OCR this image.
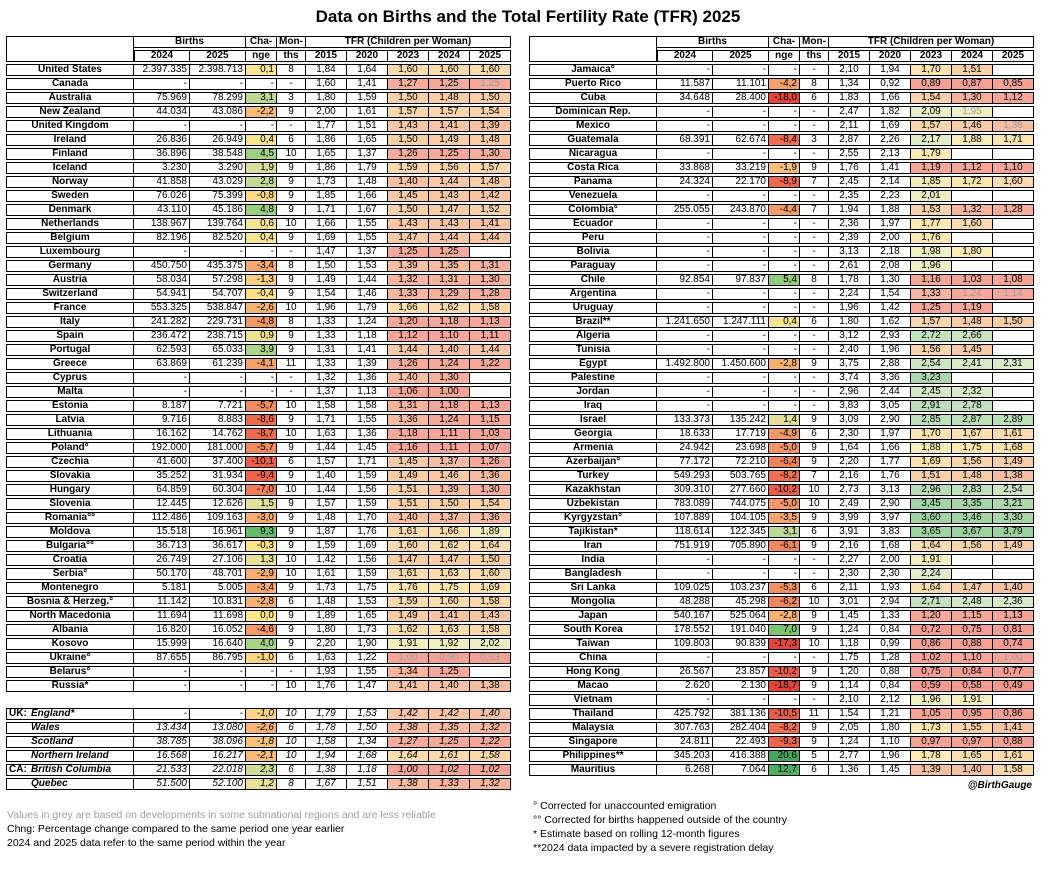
Data on Births and the Total Fertility Rate (TFR) 2025
	Births		Cha-	Mon-	TFR (Children per Woman)				
	2024	2025	nge	ths	2015	2020	2023	2024	2025
United States	2.397.335	2.398.713	0,1	8	1,84	1,64	1,60	1,60	1,60
Canada	-	-	-	-	1,60	1,41	1,27	1,25	1,25
Australia	75.969	78.299	3,1	3	1,80	1,59	1,50	1,48	1,50
New Zealand	44.034	43.086	-2,2	9	2,00	1,61	1,57	1,57	1,54
United Kingdom	-	-	-	-	1,77	1,51	1,43	1,41	1,39
Ireland	26.836	26.949	0,4	6	1,86	1,65	1,50	1,49	1,48
Finland	36.896	38.548	4,5	10	1,65	1,37	1,26	1,25	1,30
Iceland	3.230	3.290	1,9	9	1,86	1,79	1,59	1,56	1,57
Norway	41.858	43.029	2,8	9	1,73	1,48	1,40	1,44	1,48
Sweden	76.026	75.399	-0,8	9	1,85	1,66	1,45	1,43	1,42
Denmark	43.110	45.186	4,8	9	1,71	1,67	1,50	1,47	1,52
Netherlands	138.967	139.764	0,6	10	1,66	1,55	1,43	1,43	1,41
Belgium	82.196	82.520	0,4	9	1,69	1,55	1,47	1,44	1,44
Luxembourg	-	-	-	-	1,47	1,37	1,25	1,25	
Germany	450.750	435.375	-3,4	8	1,50	1,53	1,39	1,35	1,31
Austria	58.034	57.298	-1,3	9	1,49	1,44	1,32	1,31	1,30
Switzerland	54.941	54.707	-0,4	9	1,54	1,46	1,33	1,29	1,28
France	553.325	538.847	-2,6	10	1,96	1,79	1,66	1,62	1,58
Italy	241.282	229.731	-4,8	8	1,33	1,24	1,20	1,18	1,13
Spain	236.472	238.715	0,9	9	1,33	1,18	1,12	1,10	1,11
Portugal	62.593	65.033	3,9	9	1,31	1,41	1,44	1,40	1,44
Greece	63.869	61.239	-4,1	11	1,33	1,39	1,26	1,24	1,22
Cyprus	-	-	-	-	1,32	1,36	1,40	1,30	
Malta	-	-	-	-	1,37	1,13	1,06	1,00	
Estonia	8.187	7.721	-5,7	10	1,58	1,58	1,31	1,18	1,13
Latvia	9.716	8.883	-8,6	9	1,71	1,55	1,36	1,24	1,15
Lithuania	16.162	14.762	-8,7	10	1,63	1,36	1,18	1,11	1,03
Poland°	192.000	181.000	-5,7	9	1,44	1,45	1,16	1,11	1,07
Czechia	41.600	37.400	-10,1	6	1,57	1,71	1,45	1,37	1,26
Slovakia	35.252	31.934	-9,4	9	1,40	1,59	1,49	1,46	1,36
Hungary	64.859	60.304	-7,0	10	1,44	1,56	1,51	1,39	1,30
Slovenia	12.445	12.626	1,5	9	1,57	1,59	1,51	1,50	1,54
Romania°°	112.486	109.163	-3,0	9	1,48	1,70	1,40	1,37	1,36
Moldova	15.518	16.961	9,3	9	1,87	1,76	1,61	1,66	1,89
Bulgaria°°	36.713	36.617	-0,3	9	1,59	1,69	1,60	1,62	1,64
Croatia	26.749	27.106	1,3	10	1,42	1,56	1,47	1,47	1,50
Serbia°	50.170	48.701	-2,9	10	1,61	1,59	1,61	1,63	1,60
Montenegro	5.181	5.005	-3,4	9	1,73	1,75	1,76	1,75	1,69
Bosnia & Herzeg.°	11.142	10.831	-2,8	6	1,48	1,53	1,59	1,60	1,58
North Macedonia	11.694	11.698	0,0	9	1,89	1,65	1,49	1,41	1,43
Albania	16.820	16.052	-4,6	9	1,80	1,73	1,62	1,63	1,58
Kosovo	15.999	16.640	4,0	9	2,20	1,90	1,91	1,92	2,02
Ukraine°	87.655	86.795	-1,0	6	1,63	1,22	1,00	0,90	0,93
Belarus°	-	-	-	-	1,93	1,55	1,34	1,25	
Russia*	-	-	-	10	1,76	1,47	1,41	1,40	1,38

UK: England*	-	-	-1,0	10	1,79	1,53	1,42	1,42	1,40
Wales	13.434	13.080	-2,6	6	1,78	1,50	1,38	1,35	1,32
Scotland	38.785	38.096	-1,8	10	1,58	1,34	1,27	1,25	1,22
Northern Ireland	16.568	16.217	-2,1	10	1,94	1,68	1,64	1,61	1,58
CA: British Columbia	21.533	22.018	2,3	6	1,38	1,18	1,00	1,02	1,02
Quebec	51.500	52.100	1,2	8	1,67	1,51	1,38	1,33	1,32
Values in grey are based on developments in some subnational regions and are less reliable
Chng: Percentage change compared to the same period one year earlier
2024 and 2025 data refer to the same period within the year
	Births		Cha-	Mon-	TFR (Children per Woman)				
	2024	2025	nge	ths	2015	2020	2023	2024	2025
Jamaica°	-	-	-	-	2,10	1,94	1,70	1,51	
Puerto Rico	11.587	11.101	-4,2	8	1,34	0,92	0,89	0,87	0,85
Cuba	34.648	28.400	-18,0	6	1,83	1,66	1,54	1,30	1,12
Dominican Rep.	-	-	-	-	2,47	1,82	2,09	1,95	
Mexico	-	-	-	-	2,11	1,69	1,57	1,46	1,38
Guatemala	68.391	62.674	-8,4	3	2,87	2,26	2,17	1,88	1,71
Nicaragua	-	-	-	-	2,55	2,13	1,79		
Costa Rica	33.868	33.219	-1,9	9	1,76	1,41	1,19	1,12	1,10
Panama	24.324	22.170	-8,9	7	2,45	2,14	1,85	1,72	1,60
Venezuela	-	-	-	-	2,35	2,23	2,01		
Colombia°	255.055	243.870	-4,4	7	1,94	1,88	1,53	1,32	1,28
Ecuador	-	-	-	-	2,36	1,97	1,77	1,60	
Peru	-	-	-	-	2,39	2,00	1,76		
Bolivia	-	-	-	-	3,13	2,18	1,98	1,80	
Paraguay	-	-	-	-	2,61	2,08	1,96		
Chile	92.854	97.837	5,4	8	1,78	1,30	1,16	1,03	1,08
Argentina	-	-	-	-	2,24	1,54	1,33	1,24	1,14
Uruguay	-	-	-	-	1,96	1,42	1,25	1,19	
Brazil**	1.241.650	1.247.111	0,4	6	1,80	1,62	1,57	1,48	1,50
Algeria	-	-	-	-	3,12	2,93	2,72	2,66	
Tunisia	-	-	-	-	2,40	1,96	1,56	1,45	
Egypt	1.492.800	1.450.600	-2,8	9	3,75	2,88	2,54	2,41	2,31
Palestine	-	-	-	-	3,74	3,36	3,23		
Jordan	-	-	-	-	2,96	2,44	2,45	2,32	
Iraq	-	-	-	-	3,83	3,05	2,91	2,78	
Israel	133.373	135.242	1,4	9	3,09	2,90	2,85	2,87	2,89
Georgia	18.633	17.719	-4,9	6	2,30	1,97	1,70	1,67	1,61
Armenia	24.942	23.698	-5,0	9	1,64	1,66	1,88	1,75	1,68
Azerbaijan°	77.172	72.210	-6,4	9	2,20	1,77	1,69	1,56	1,49
Turkey	549.293	503.765	-8,2	7	2,16	1,76	1,51	1,48	1,38
Kazakhstan	309.310	277.660	-10,2	10	2,73	3,13	2,96	2,83	2,54
Uzbekistan	783.089	744.075	-5,0	10	2,49	2,90	3,45	3,35	3,21
Kyrgyzstan°	107.889	104.105	-3,5	9	3,99	3,97	3,60	3,46	3,30
Tajikistan*	118.614	122.345	3,1	6	3,91	3,83	3,65	3,67	3,79
Iran	751.919	705.890	-6,1	9	2,16	1,68	1,64	1,56	1,49
India	-	-	-	-	2,27	2,00	1,91		
Bangladesh	-	-	-	-	2,30	2,30	2,24		
Sri Lanka	109.025	103.237	-5,3	6	2,11	1,93	1,64	1,47	1,40
Mongolia	48.288	45.298	-6,2	10	3,01	2,94	2,71	2,48	2,36
Japan	540.167	525.064	-2,8	9	1,45	1,33	1,20	1,15	1,13
South Korea	178.552	191.040	7,0	9	1,24	0,84	0,72	0,75	0,81
Taiwan	109.803	90.839	-17,3	10	1,18	0,99	0,86	0,88	0,74
China	-	-	-	-	1,75	1,28	1,02	1,10	1,00
Hong Kong	26.567	23.857	-10,2	9	1,20	0,88	0,75	0,84	0,77
Macao	2.620	2.130	-18,7	9	1,14	0,84	0,59	0,58	0,49
Vietnam	-	-	-	-	2,10	2,12	1,96	1,91	
Thailand	425.792	381.136	-10,5	11	1,54	1,21	1,05	0,95	0,86
Malaysia	307.763	282.404	-8,2	9	2,05	1,80	1,73	1,55	1,41
Singapore	24.811	22.493	-9,3	9	1,24	1,10	0,97	0,97	0,88
Philippines**	345.203	416.388	20,6	5	2,77	1,96	1,78	1,65	1,61
Mauritius	6.268	7.064	12,7	6	1,36	1,45	1,39	1,40	1,58
@BirthGauge
° Corrected for unaccounted emigration
°° Corrected for births happened outside of the country
* Estimate based on rolling 12-month figures
**2024 data impacted by a severe registration delay
